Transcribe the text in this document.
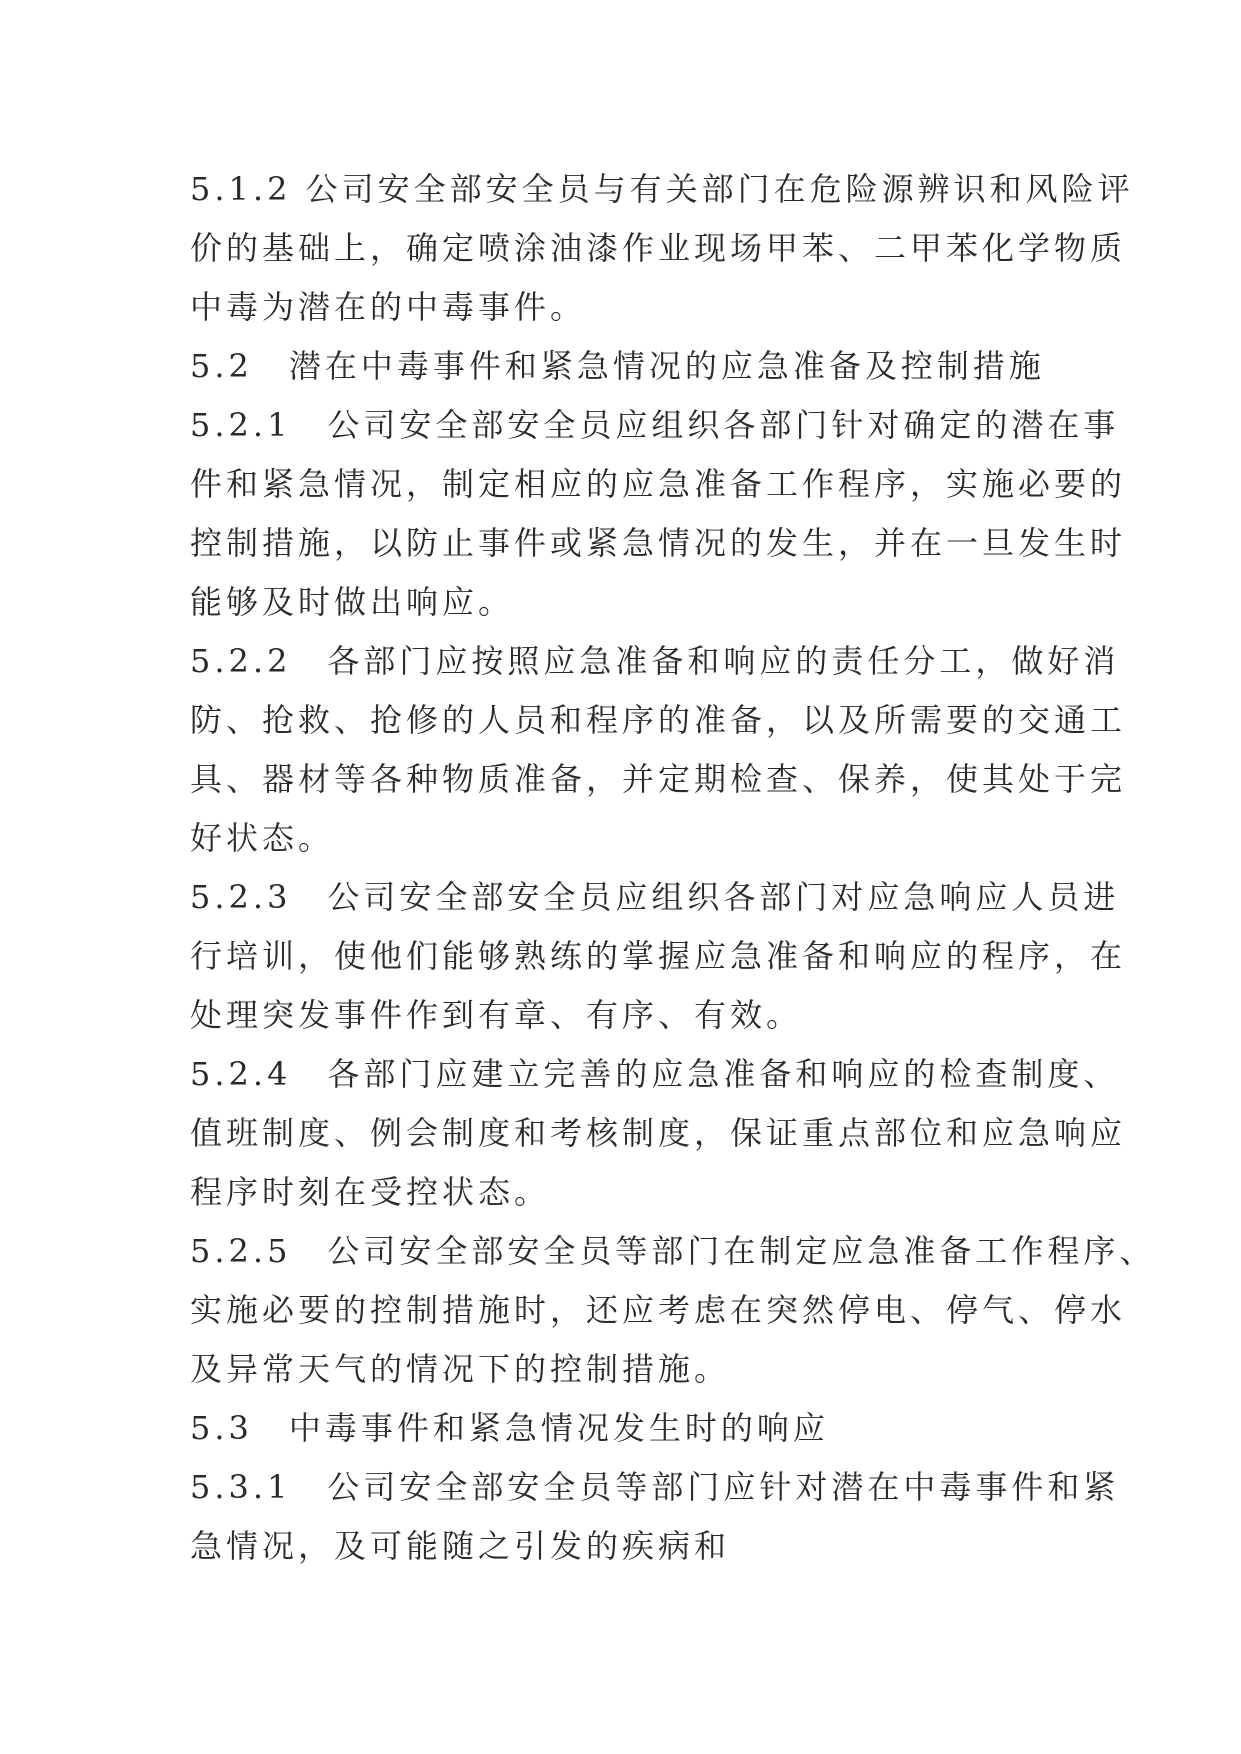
5.1.2 公司安全部安全员与有关部门在危险源辨识和风险评
价的基础上，确定喷涂油漆作业现场甲苯、二甲苯化学物质
中毒为潜在的中毒事件。
5.2　潜在中毒事件和紧急情况的应急准备及控制措施
5.2.1　公司安全部安全员应组织各部门针对确定的潜在事
件和紧急情况，制定相应的应急准备工作程序，实施必要的
控制措施，以防止事件或紧急情况的发生，并在一旦发生时
能够及时做出响应。
5.2.2　各部门应按照应急准备和响应的责任分工，做好消
防、抢救、抢修的人员和程序的准备，以及所需要的交通工
具、器材等各种物质准备，并定期检查、保养，使其处于完
好状态。
5.2.3　公司安全部安全员应组织各部门对应急响应人员进
行培训，使他们能够熟练的掌握应急准备和响应的程序，在
处理突发事件作到有章、有序、有效。
5.2.4　各部门应建立完善的应急准备和响应的检查制度、
值班制度、例会制度和考核制度，保证重点部位和应急响应
程序时刻在受控状态。
5.2.5　公司安全部安全员等部门在制定应急准备工作程序、
实施必要的控制措施时，还应考虑在突然停电、停气、停水
及异常天气的情况下的控制措施。
5.3　中毒事件和紧急情况发生时的响应
5.3.1　公司安全部安全员等部门应针对潜在中毒事件和紧
急情况，及可能随之引发的疾病和
